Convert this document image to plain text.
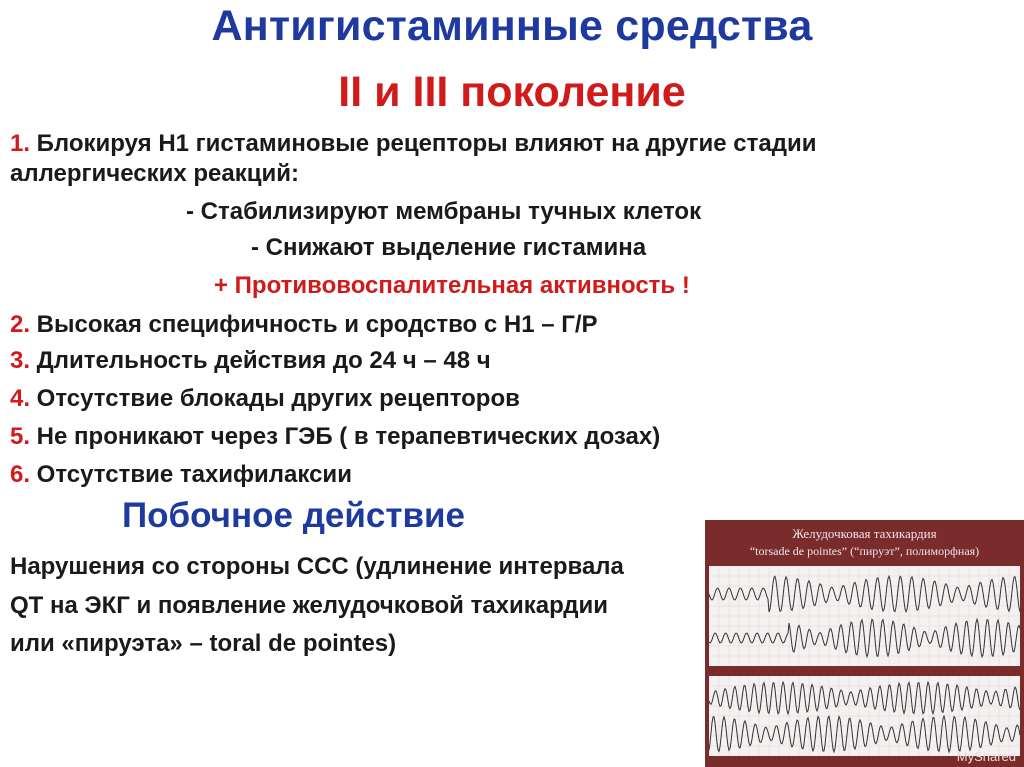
Антигистаминные средства
II и III поколение
1. Блокируя Н1 гистаминовые рецепторы влияют на другие стадии
аллергических реакций:
- Стабилизируют мембраны тучных клеток
- Снижают выделение гистамина
+ Противовоспалительная активность !
2. Высокая специфичность и сродство с Н1 – Г/Р
3. Длительность действия до 24 ч – 48 ч
4. Отсутствие блокады других рецепторов
5. Не проникают через ГЭБ ( в терапевтических дозах)
6. Отсутствие тахифилаксии
Побочное действие
Нарушения со стороны ССС (удлинение интервала
QT на ЭКГ и появление желудочковой тахикардии
или «пируэта» – toral de pointes)
Желудочковая тахикардия
“torsade de pointes” (“пируэт”, полиморфная)
MyShared
